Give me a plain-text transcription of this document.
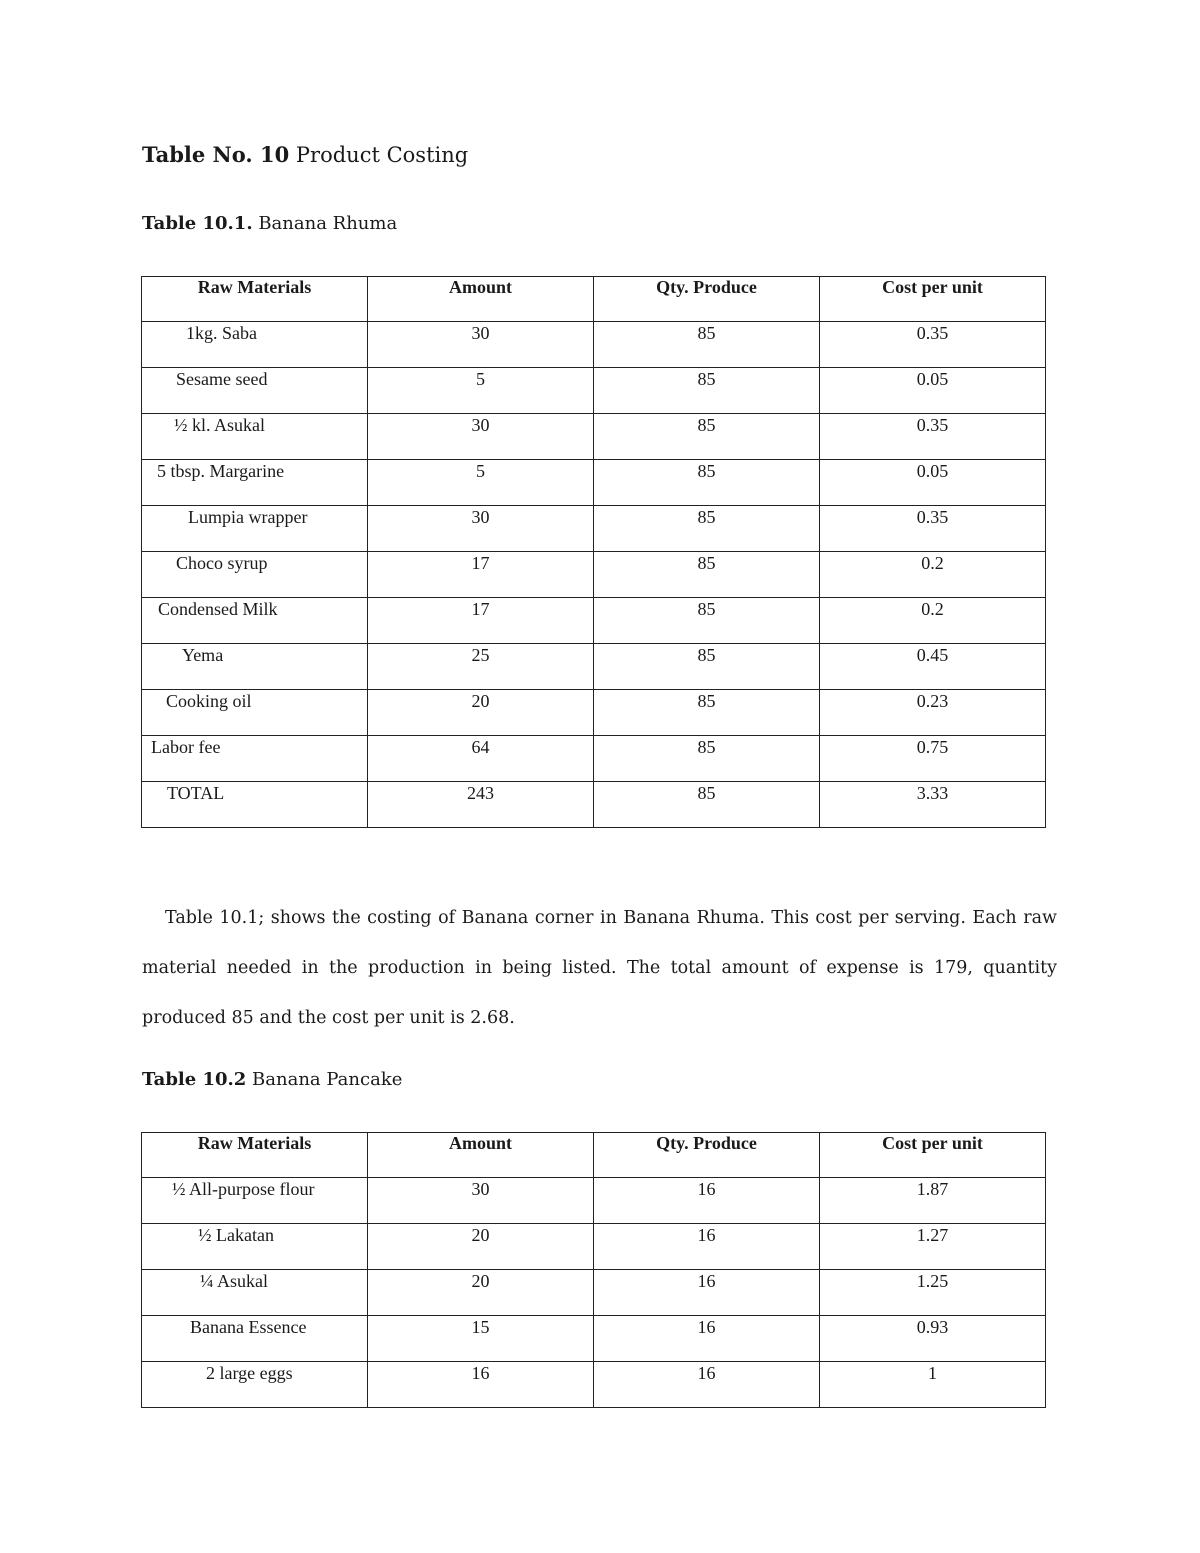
Table No. 10 Product Costing
Table 10.1. Banana Rhuma
Raw Materials	Amount	Qty. Produce	Cost per unit

1kg. Saba	30	85	0.35

Sesame seed	5	85	0.05

½ kl. Asukal	30	85	0.35

5 tbsp. Margarine	5	85	0.05

Lumpia wrapper	30	85	0.35

Choco syrup	17	85	0.2

Condensed Milk	17	85	0.2

Yema	25	85	0.45

Cooking oil	20	85	0.23

Labor fee	64	85	0.75

TOTAL	243	85	3.33

Table 10.1; shows the costing of Banana corner in Banana Rhuma. This cost per serving. Each raw material needed in the production in being listed. The total amount of expense is 179, quantity produced 85 and the cost per unit is 2.68.

Table 10.2 Banana Pancake
Raw Materials	Amount	Qty. Produce	Cost per unit

½ All-purpose flour	30	16	1.87

½ Lakatan	20	16	1.27

¼ Asukal	20	16	1.25

Banana Essence	15	16	0.93

2 large eggs	16	16	1
